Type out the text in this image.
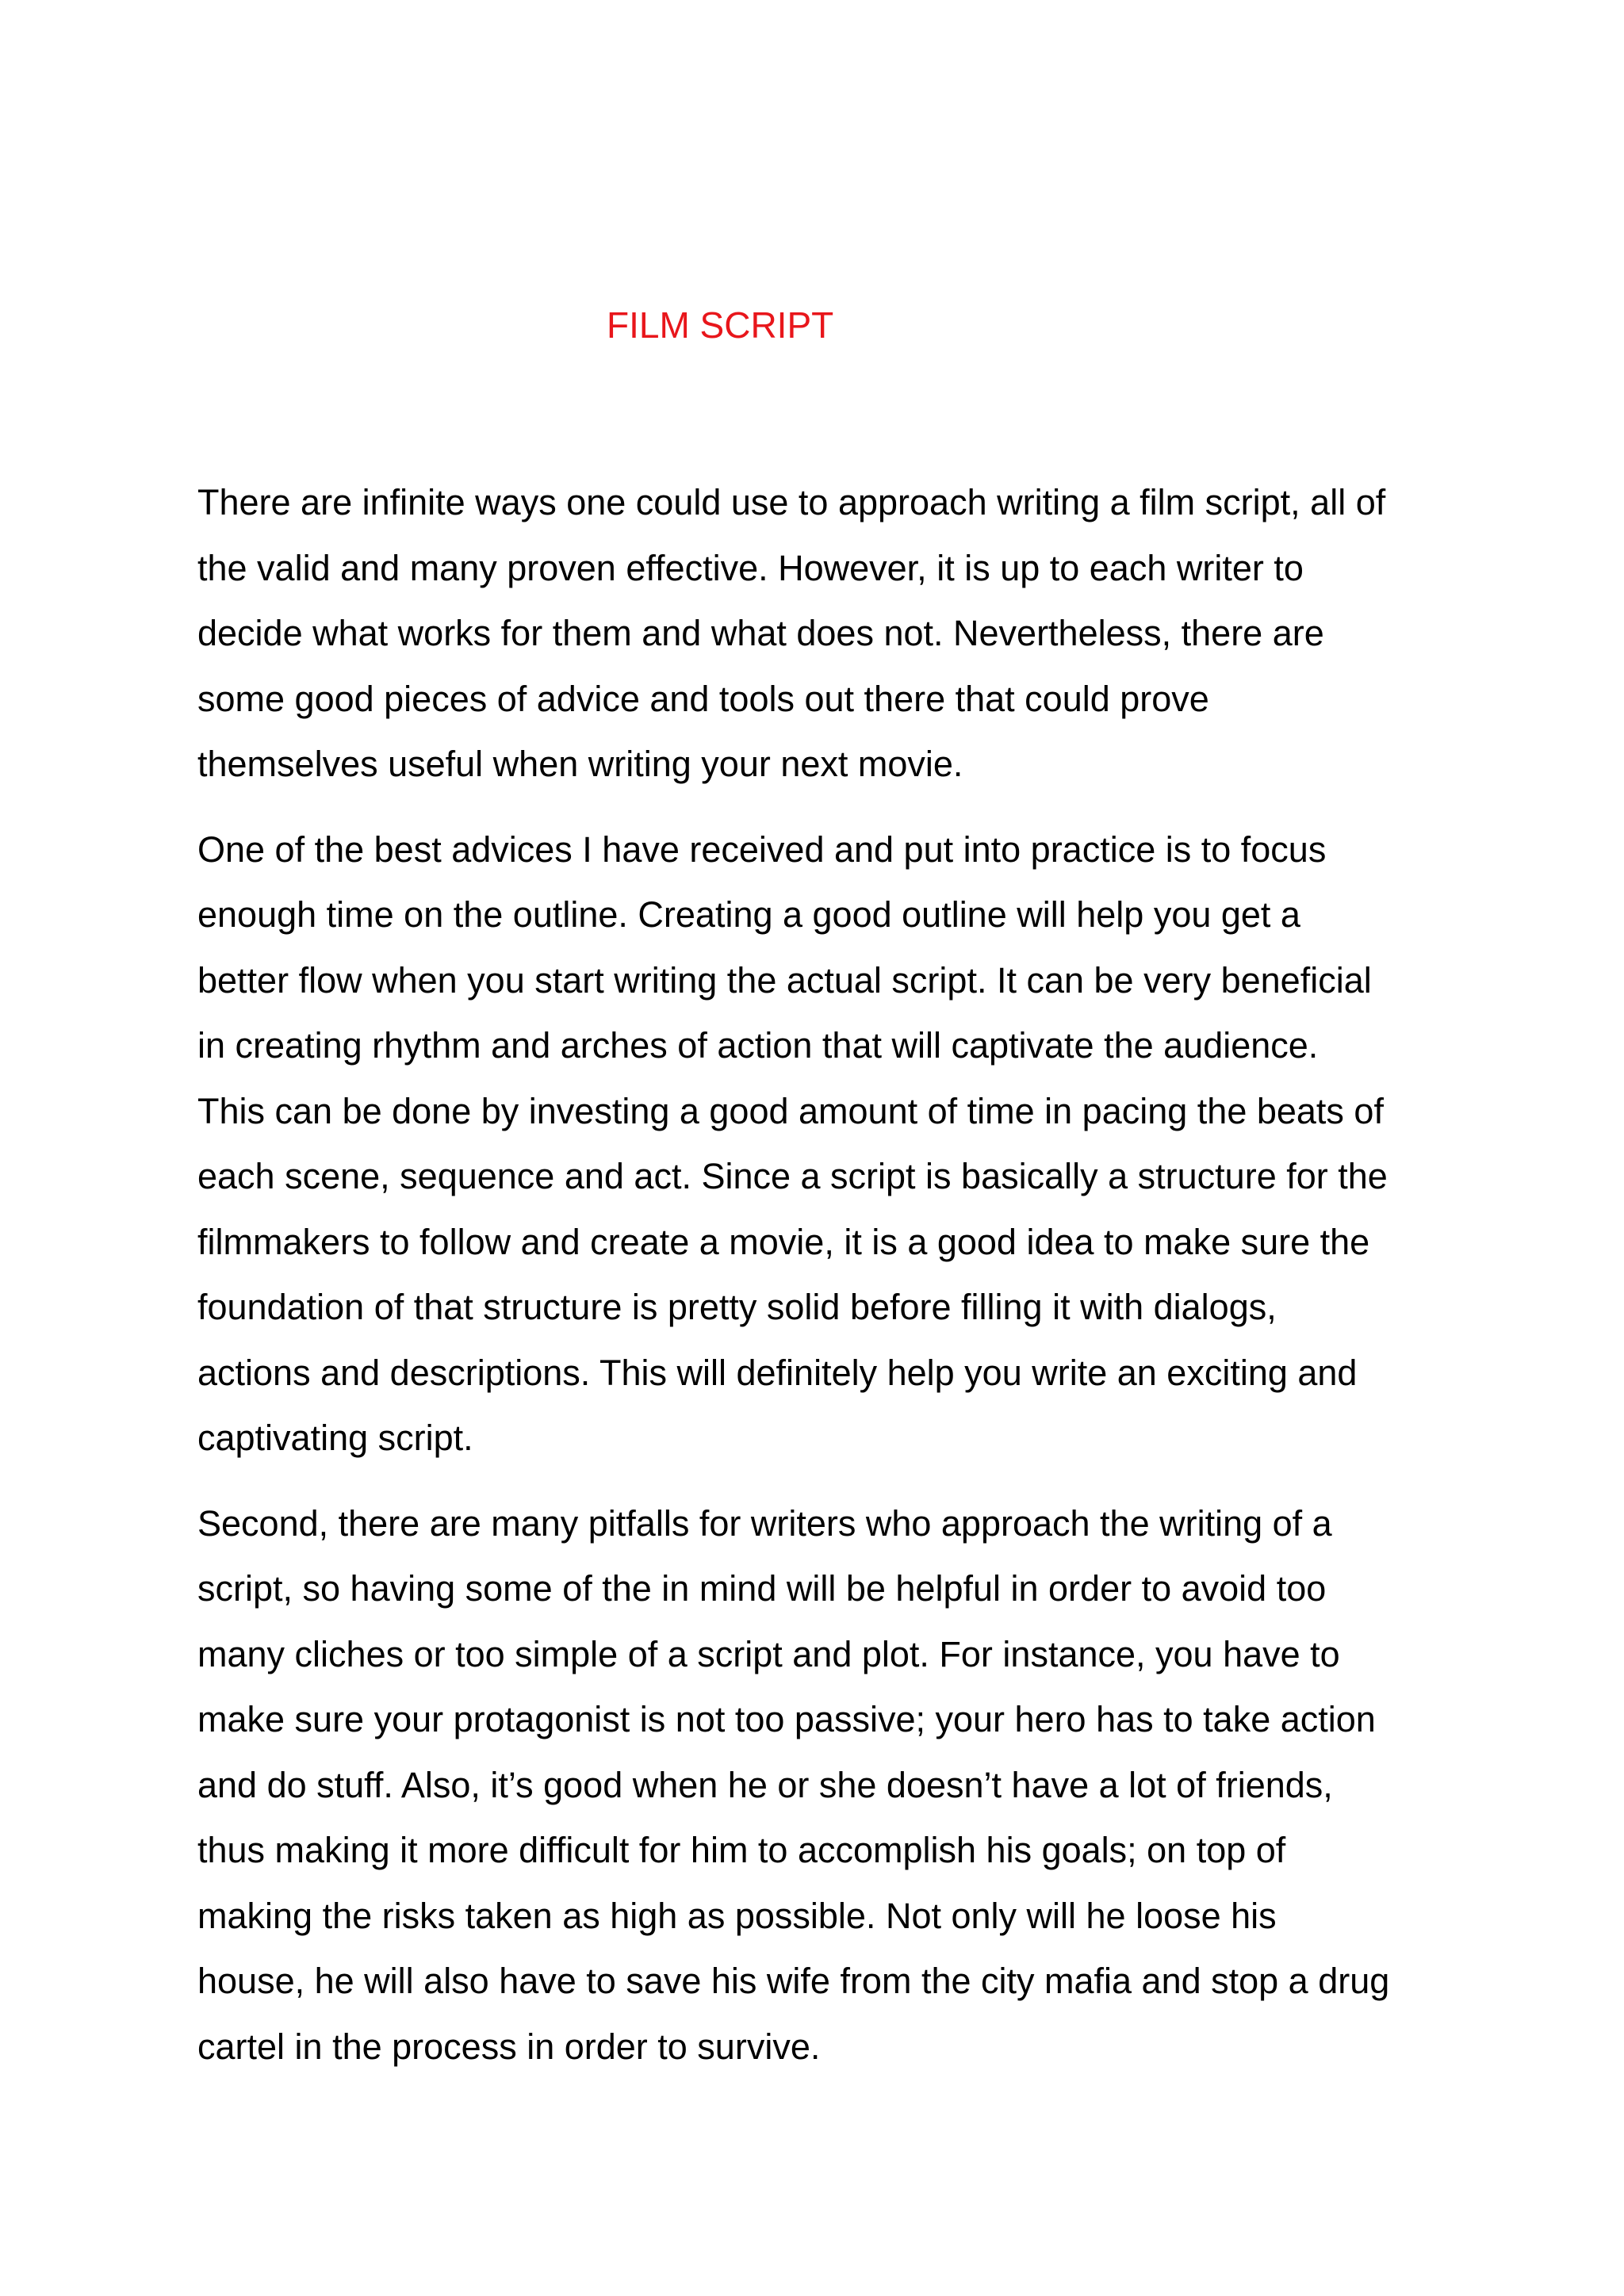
FILM SCRIPT
There are infinite ways one could use to approach writing a film script, all of
the valid and many proven effective. However, it is up to each writer to
decide what works for them and what does not. Nevertheless, there are
some good pieces of advice and tools out there that could prove
themselves useful when writing your next movie.
One of the best advices I have received and put into practice is to focus
enough time on the outline. Creating a good outline will help you get a
better flow when you start writing the actual script. It can be very beneficial
in creating rhythm and arches of action that will captivate the audience.
This can be done by investing a good amount of time in pacing the beats of
each scene, sequence and act. Since a script is basically a structure for the
filmmakers to follow and create a movie, it is a good idea to make sure the
foundation of that structure is pretty solid before filling it with dialogs,
actions and descriptions. This will definitely help you write an exciting and
captivating script.
Second, there are many pitfalls for writers who approach the writing of a
script, so having some of the in mind will be helpful in order to avoid too
many cliches or too simple of a script and plot. For instance, you have to
make sure your protagonist is not too passive; your hero has to take action
and do stuff. Also, it’s good when he or she doesn’t have a lot of friends,
thus making it more difficult for him to accomplish his goals; on top of
making the risks taken as high as possible. Not only will he loose his
house, he will also have to save his wife from the city mafia and stop a drug
cartel in the process in order to survive.
